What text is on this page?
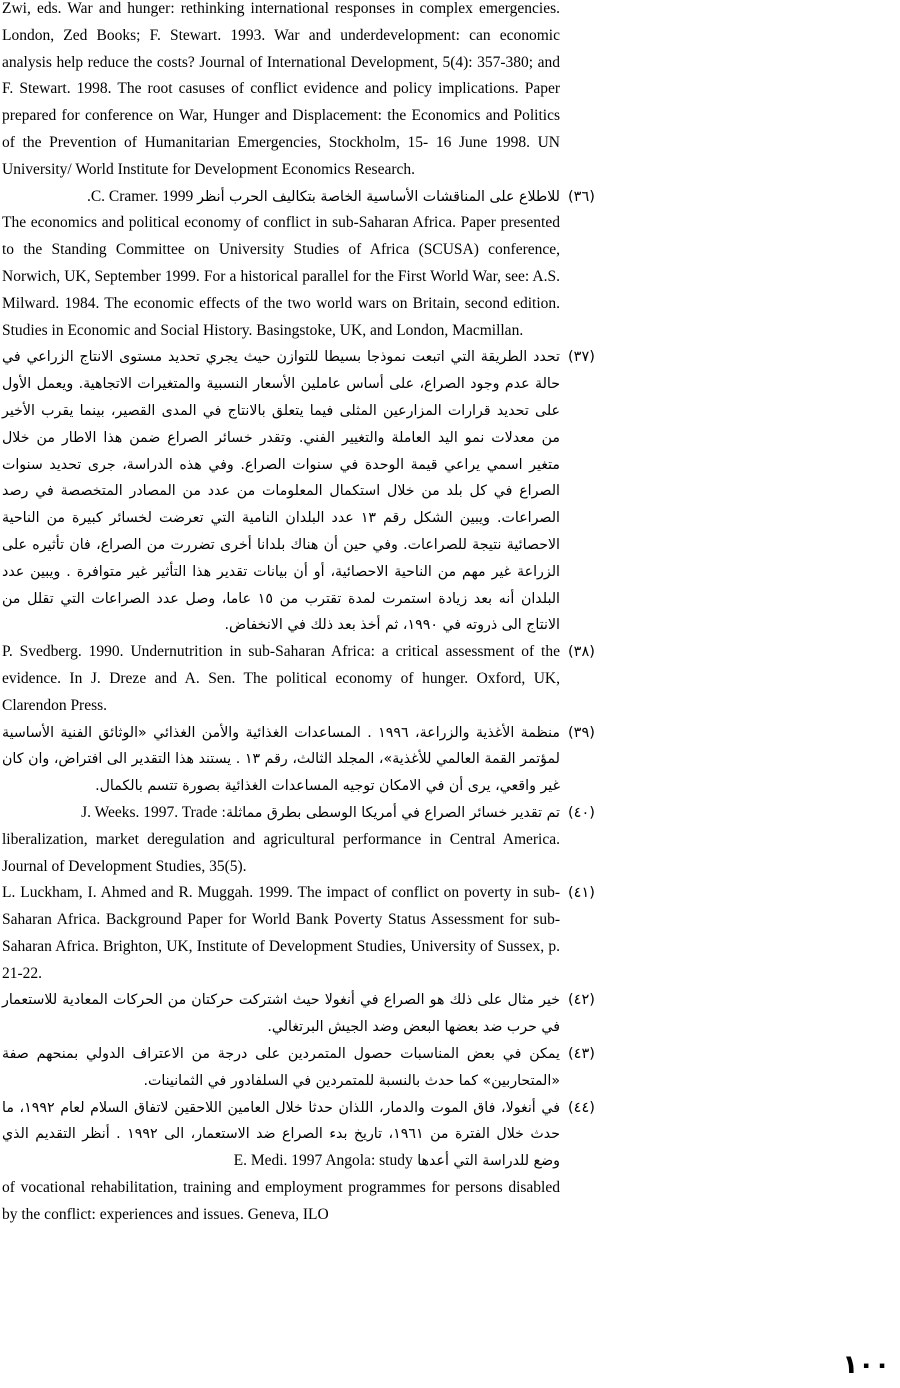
Zwi, eds. War and hunger: rethinking international responses in complex emergencies. London, Zed Books; F. Stewart. 1993. War and underdevelopment: can economic analysis help reduce the costs? Journal of International Development, 5(4): 357-380; and F. Stewart. 1998. The root casuses of conflict evidence and policy implications. Paper prepared for conference on War, Hunger and Displacement: the Economics and Politics of the Prevention of Humanitarian Emergencies, Stockholm, 15- 16 June 1998. UN University/ World Institute for Development Economics Research.
(٣٦)
للاطلاع على المناقشات الأساسية الخاصة بتكاليف الحرب أنظر C. Cramer. 1999.
The economics and political economy of conflict in sub-Saharan Africa. Paper presented to the Standing Committee on University Studies of Africa (SCUSA) conference, Norwich, UK, September 1999. For a historical parallel for the First World War, see: A.S. Milward. 1984. The economic effects of the two world wars on Britain, second edition. Studies in Economic and Social History. Basingstoke, UK, and London, Macmillan.
(٣٧)
تحدد الطريقة التي اتبعت نموذجا بسيطا للتوازن حيث يجري تحديد مستوى الانتاج الزراعي في حالة عدم وجود الصراع، على أساس عاملين الأسعار النسبية والمتغيرات الاتجاهية. ويعمل الأول على تحديد قرارات المزارعين المثلى فيما يتعلق بالانتاج في المدى القصير، بينما يقرب الأخير من معدلات نمو اليد العاملة والتغيير الفني. وتقدر خسائر الصراع ضمن هذا الاطار من خلال متغير اسمي يراعي قيمة الوحدة في سنوات الصراع. وفي هذه الدراسة، جرى تحديد سنوات الصراع في كل بلد من خلال استكمال المعلومات من عدد من المصادر المتخصصة في رصد الصراعات. ويبين الشكل رقم ١٣ عدد البلدان النامية التي تعرضت لخسائر كبيرة من الناحية الاحصائية نتيجة للصراعات. وفي حين أن هناك بلدانا أخرى تضررت من الصراع، فان تأثيره على الزراعة غير مهم من الناحية الاحصائية، أو أن بيانات تقدير هذا التأثير غير متوافرة . ويبين عدد البلدان أنه بعد زيادة استمرت لمدة تقترب من ١٥ عاما، وصل عدد الصراعات التي تقلل من الانتاج الى ذروته في ١٩٩٠، ثم أخذ بعد ذلك في الانخفاض.
(٣٨)
P. Svedberg. 1990. Undernutrition in sub-Saharan Africa: a critical assessment of the evidence. In J. Dreze and A. Sen. The political economy of hunger. Oxford, UK, Clarendon Press.
(٣٩)
منظمة الأغذية والزراعة، ١٩٩٦ . المساعدات الغذائية والأمن الغذائي «الوثائق الفنية الأساسية لمؤتمر القمة العالمي للأغذية»، المجلد الثالث، رقم ١٣ . يستند هذا التقدير الى افتراض، وان كان غير واقعي، يرى أن في الامكان توجيه المساعدات الغذائية بصورة تتسم بالكمال.
(٤٠)
تم تقدير خسائر الصراع في أمريكا الوسطى بطرق مماثلة: J. Weeks. 1997. Trade
liberalization, market deregulation and agricultural performance in Central America. Journal of Development Studies, 35(5).
(٤١)
L. Luckham, I. Ahmed and R. Muggah. 1999. The impact of conflict on poverty in sub-Saharan Africa. Background Paper for World Bank Poverty Status Assessment for sub-Saharan Africa. Brighton, UK, Institute of Development Studies, University of Sussex, p. 21-22.
(٤٢)
خير مثال على ذلك هو الصراع في أنغولا حيث اشتركت حركتان من الحركات المعادية للاستعمار في حرب ضد بعضها البعض وضد الجيش البرتغالي.
(٤٣)
يمكن في بعض المناسبات حصول المتمردين على درجة من الاعتراف الدولي بمنحهم صفة «المتحاربين» كما حدث بالنسبة للمتمردين في السلفادور في الثمانينات.
(٤٤)
في أنغولا، فاق الموت والدمار، اللذان حدثا خلال العامين اللاحقين لاتفاق السلام لعام ١٩٩٢، ما حدث خلال الفترة من ١٩٦١، تاريخ بدء الصراع ضد الاستعمار، الى ١٩٩٢ . أنظر التقديم الذي وضع للدراسة التي أعدها E. Medi. 1997 Angola: study
of vocational rehabilitation, training and employment programmes for persons disabled by the conflict: experiences and issues. Geneva, ILO
١٠٠
